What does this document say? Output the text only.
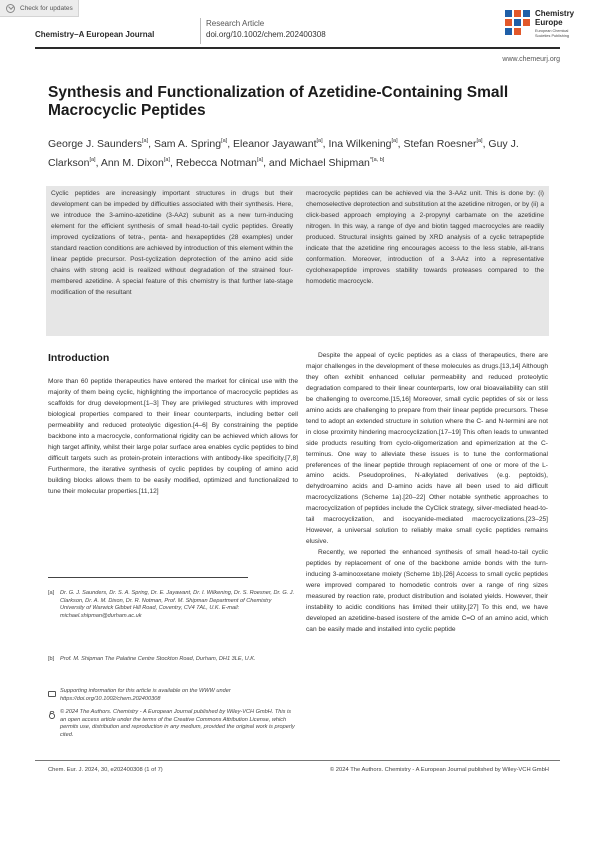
Check for updates
Chemistry–A European Journal
Research Article
doi.org/10.1002/chem.202400308
Chemistry
Europe
European Chemical Societies Publishing
www.chemeurj.org
Synthesis and Functionalization of Azetidine-Containing Small Macrocyclic Peptides
George J. Saunders[a], Sam A. Spring[a], Eleanor Jayawant[a], Ina Wilkening[a], Stefan Roesner[a], Guy J. Clarkson[a], Ann M. Dixon[a], Rebecca Notman[a], and Michael Shipman$^{*[a, b]}$
Cyclic peptides are increasingly important structures in drugs but their development can be impeded by difficulties associated with their synthesis. Here, we introduce the 3-amino-azetidine (3-AAz) subunit as a new turn-inducing element for the efficient synthesis of small head-to-tail cyclic peptides. Greatly improved cyclizations of tetra-, penta- and hexapeptides (28 examples) under standard reaction conditions are achieved by introduction of this element within the linear peptide precursor. Post-cyclization deprotection of the amino acid side chains with strong acid is realized without degradation of the strained four-membered azetidine. A special feature of this chemistry is that further late-stage modification of the resultant
macrocyclic peptides can be achieved via the 3-AAz unit. This is done by: (i) chemoselective deprotection and substitution at the azetidine nitrogen, or by (ii) a click-based approach employing a 2-propynyl carbamate on the azetidine nitrogen. In this way, a range of dye and biotin tagged macrocycles are readily produced. Structural insights gained by XRD analysis of a cyclic tetrapeptide indicate that the azetidine ring encourages access to the less stable, all-trans conformation. Moreover, introduction of a 3-AAz into a representative cyclohexapeptide improves stability towards proteases compared to the homodetic macrocycle.
Introduction

More than 60 peptide therapeutics have entered the market for clinical use with the majority of them being cyclic, highlighting the importance of macrocyclic peptides as scaffolds for drug development.[1–3] They are privileged structures with improved biological properties compared to their linear counterparts, including better cell permeability and reduced proteolytic digestion.[4–6] By constraining the peptide backbone into a macrocycle, conformational rigidity can be achieved which allows for high target affinity, whilst their large polar surface area enables cyclic peptides to bind difficult targets such as protein-protein interactions with antibody-like specificity.[7,8] Furthermore, the iterative synthesis of cyclic peptides by coupling of amino acid building blocks allows them to be easily modified, optimized and functionalized to tune their molecular properties.[11,12]

Despite the appeal of cyclic peptides as a class of therapeutics, there are major challenges in the development of these molecules as drugs.[13,14] Although they often exhibit enhanced cellular permeability and reduced proteolytic degradation compared to their linear counterparts, low oral bioavailability can still be challenging to overcome.[15,16] Moreover, small cyclic peptides of six or less amino acids are challenging to prepare from their linear peptide precursors. These tend to adopt an extended structure in solution where the C- and N-termini are not in close proximity hindering macrocyclization.[17–19] This often leads to unwanted side products resulting from cyclo-oligomerization and epimerization at the C-terminus. One way to alleviate these issues is to tune the conformational preferences of the linear peptide through replacement of one or more of the L-amino acids. Pseudoprolines, N-alkylated derivatives (e.g. peptoids), dehydroamino acids and D-amino acids have all been used to aid difficult macrocyclizations (Scheme 1a).[20–22] Other notable synthetic approaches to macrocyclization of peptides include the CyClick strategy, silver-mediated head-to-tail macrocyclization, and isocyanide-mediated macrocyclizations.[23–25] However, a universal solution to reliably make small cyclic peptides remains elusive.

Recently, we reported the enhanced synthesis of small head-to-tail cyclic peptides by replacement of one of the backbone amide bonds with the turn-inducing 3-aminooxetane moiety (Scheme 1b).[26] Access to small cyclic peptides were improved compared to homodetic controls over a range of ring sizes measured by reaction rate, product distribution and isolated yields. However, their instability to acidic conditions has limited their utility.[27] To this end, we have developed an azetidine-based isostere of the amide C=O of an amino acid, which can be easily made and installed into cyclic peptide

[a] Dr. G. J. Saunders, Dr. S. A. Spring, Dr. E. Jayawant, Dr. I. Wilkening, Dr. S. Roesner, Dr. G. J. Clarkson, Dr. A. M. Dixon, Dr. R. Notman, Prof. M. Shipman Department of Chemistry University of Warwick Gibbet Hill Road, Coventry, CV4 7AL, U.K. E-mail: michael.shipman@durham.ac.uk
[b] Prof. M. Shipman The Palatine Centre Stockton Road, Durham, DH1 3LE, U.K.
Supporting information for this article is available on the WWW under https://doi.org/10.1002/chem.202400308
© 2024 The Authors. Chemistry - A European Journal published by Wiley-VCH GmbH. This is an open access article under the terms of the Creative Commons Attribution License, which permits use, distribution and reproduction in any medium, provided the original work is properly cited.
Chem. Eur. J. 2024, 30, e202400308 (1 of 7)	© 2024 The Authors. Chemistry - A European Journal published by Wiley-VCH GmbH
